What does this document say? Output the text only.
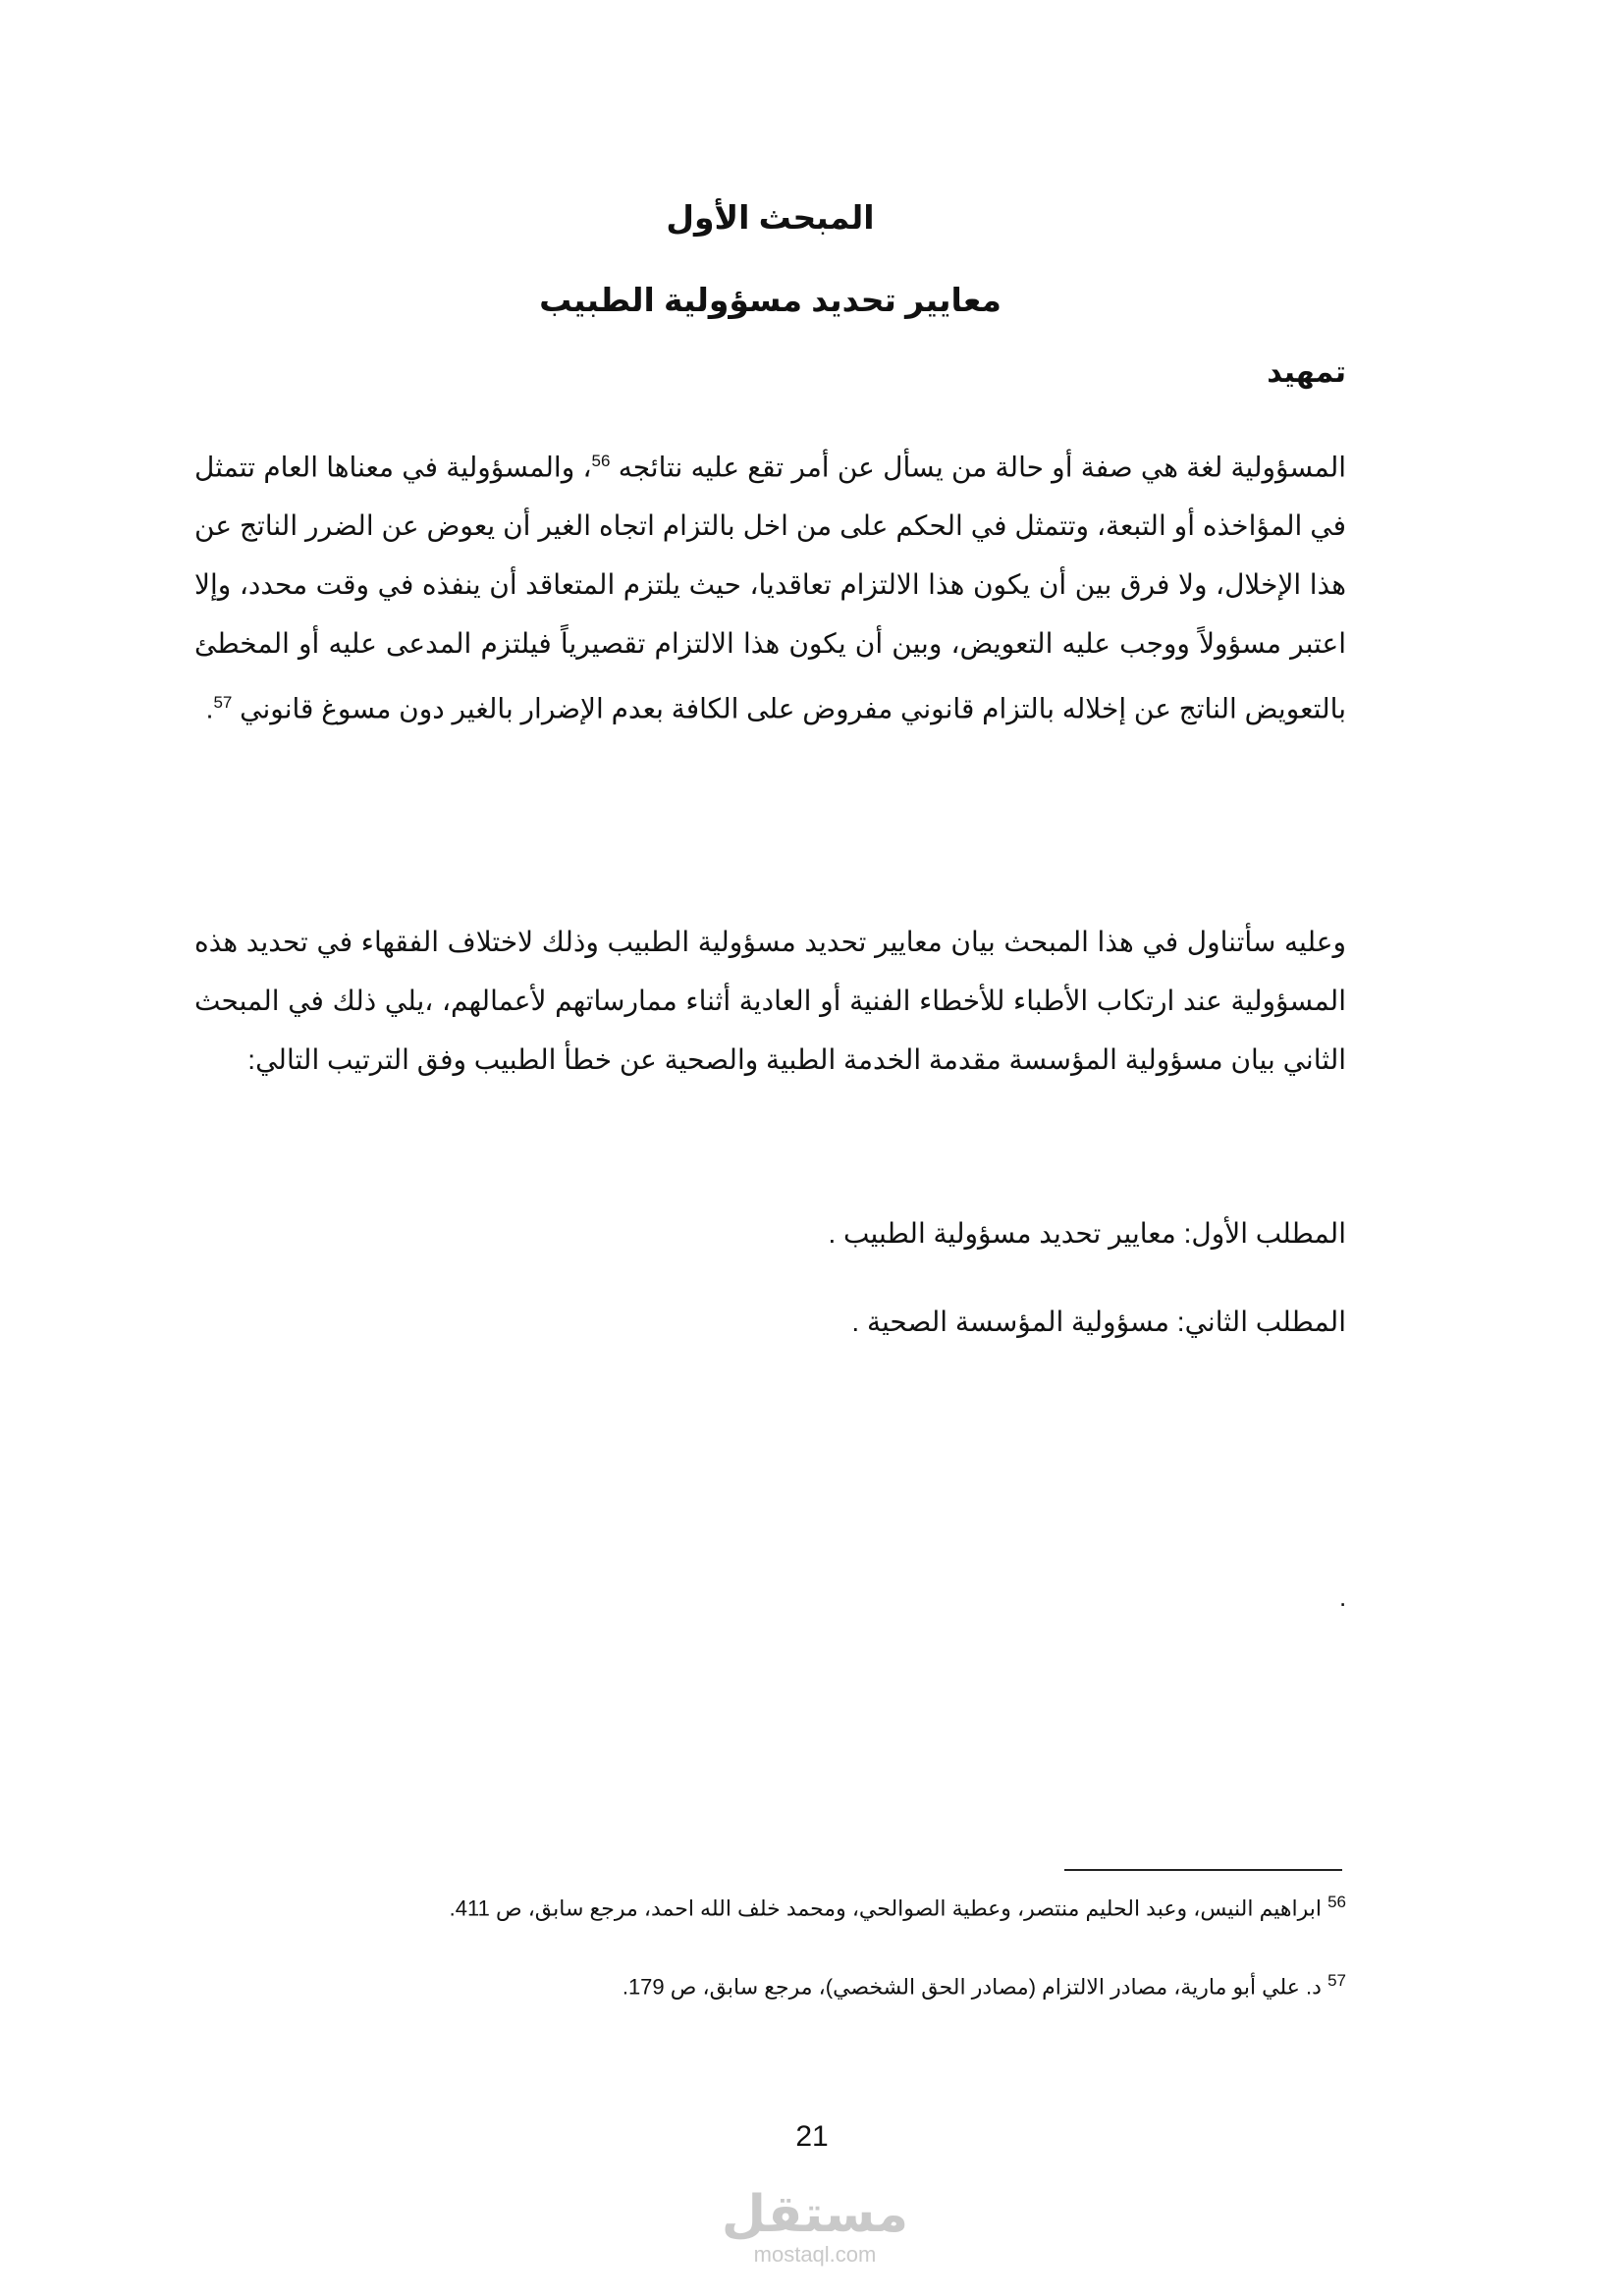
المبحث الأول
معايير تحديد مسؤولية الطبيب
تمهيد

المسؤولية لغة هي صفة أو حالة من يسأل عن أمر تقع عليه نتائجه $^{56}$، والمسؤولية في معناها العام تتمثل في المؤاخذه أو التبعة، وتتمثل في الحكم على من اخل بالتزام اتجاه الغير أن يعوض عن الضرر الناتج عن هذا الإخلال، ولا فرق بين أن يكون هذا الالتزام تعاقديا، حيث يلتزم المتعاقد أن ينفذه في وقت محدد، وإلا اعتبر مسؤولاً ووجب عليه التعويض، وبين أن يكون هذا الالتزام تقصيرياً فيلتزم المدعى عليه أو المخطئ بالتعويض الناتج عن إخلاله بالتزام قانوني مفروض على الكافة بعدم الإضرار بالغير دون مسوغ قانوني $^{57}$.

وعليه سأتناول في هذا المبحث بيان معايير تحديد مسؤولية الطبيب وذلك لاختلاف الفقهاء في تحديد هذه المسؤولية عند ارتكاب الأطباء للأخطاء الفنية أو العادية أثناء ممارساتهم لأعمالهم، ،يلي ذلك في المبحث الثاني بيان مسؤولية المؤسسة مقدمة الخدمة الطبية والصحية عن خطأ الطبيب وفق الترتيب التالي:

المطلب الأول: معايير تحديد مسؤولية الطبيب .
المطلب الثاني: مسؤولية المؤسسة الصحية .
.
$^{56}$ ابراهيم النيس، وعبد الحليم منتصر، وعطية الصوالحي، ومحمد خلف الله احمد، مرجع سابق، ص 411.
$^{57}$ د. علي أبو مارية، مصادر الالتزام (مصادر الحق الشخصي)، مرجع سابق، ص 179.
21
مستقل
mostaql.com
